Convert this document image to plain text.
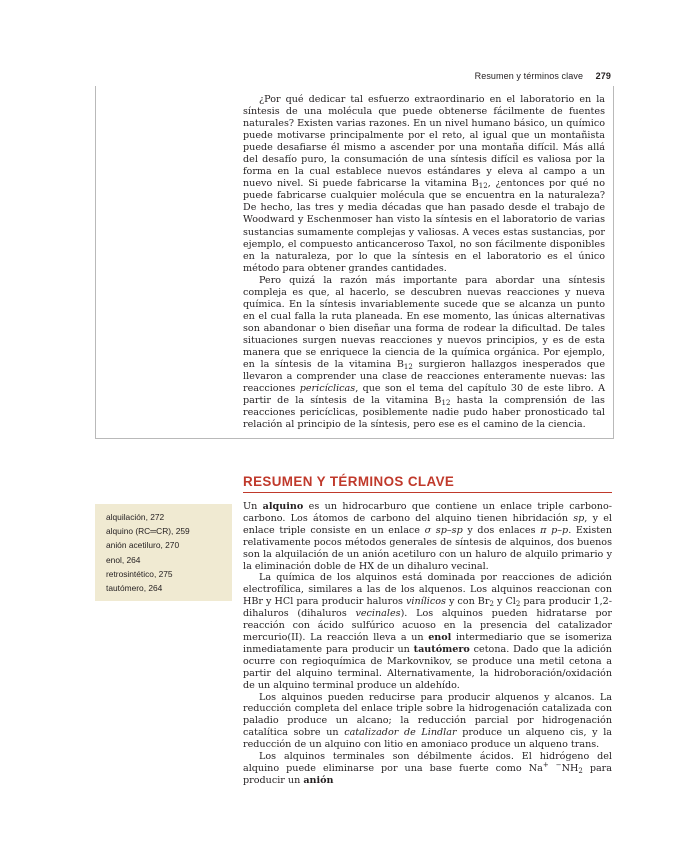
Resumen y términos clave 279

¿Por qué dedicar tal esfuerzo extraordinario en el laboratorio en la síntesis de una molécula que puede obtenerse fácilmente de fuentes naturales? Existen varias razones. En un nivel humano básico, un químico puede motivarse principalmente por el reto, al igual que un montañista puede desafiarse él mismo a ascender por una montaña difícil. Más allá del desafío puro, la consumación de una síntesis difícil es valiosa por la forma en la cual establece nuevos estándares y eleva al campo a un nuevo nivel. Si puede fabricarse la vitamina $B_{12}$, ¿entonces por qué no puede fabricarse cualquier molécula que se encuentra en la naturaleza? De hecho, las tres y media décadas que han pasado desde el trabajo de Woodward y Eschenmoser han visto la síntesis en el laboratorio de varias sustancias sumamente complejas y valiosas. A veces estas sustancias, por ejemplo, el compuesto anticanceroso Taxol, no son fácilmente disponibles en la naturaleza, por lo que la síntesis en el laboratorio es el único método para obtener grandes cantidades.

Pero quizá la razón más importante para abordar una síntesis compleja es que, al hacerlo, se descubren nuevas reacciones y nueva química. En la síntesis invariablemente sucede que se alcanza un punto en el cual falla la ruta planeada. En ese momento, las únicas alternativas son abandonar o bien diseñar una forma de rodear la dificultad. De tales situaciones surgen nuevas reacciones y nuevos principios, y es de esta manera que se enriquece la ciencia de la química orgánica. Por ejemplo, en la síntesis de la vitamina $B_{12}$ surgieron hallazgos inesperados que llevaron a comprender una clase de reacciones enteramente nuevas: las reacciones pericíclicas, que son el tema del capítulo 30 de este libro. A partir de la síntesis de la vitamina $B_{12}$ hasta la comprensión de las reacciones pericíclicas, posiblemente nadie pudo haber pronosticado tal relación al principio de la síntesis, pero ese es el camino de la ciencia.

RESUMEN Y TÉRMINOS CLAVE
alquilación, 272
alquino (RC═CR), 259
anión acetiluro, 270
enol, 264
retrosintético, 275
tautómero, 264

Un alquino es un hidrocarburo que contiene un enlace triple carbono-carbono. Los átomos de carbono del alquino tienen hibridación sp, y el enlace triple consiste en un enlace σ sp–sp y dos enlaces π p–p. Existen relativamente pocos métodos generales de síntesis de alquinos, dos buenos son la alquilación de un anión acetiluro con un haluro de alquilo primario y la eliminación doble de HX de un dihaluro vecinal.

La química de los alquinos está dominada por reacciones de adición electrofílica, similares a las de los alquenos. Los alquinos reaccionan con HBr y HCl para producir haluros vinílicos y con $Br_2$ y $Cl_2$ para producir 1,2-dihaluros (dihaluros vecinales). Los alquinos pueden hidratarse por reacción con ácido sulfúrico acuoso en la presencia del catalizador mercurio(II). La reacción lleva a un enol intermediario que se isomeriza inmediatamente para producir un tautómero cetona. Dado que la adición ocurre con regioquímica de Markovnikov, se produce una metil cetona a partir del alquino terminal. Alternativamente, la hidroboración/oxidación de un alquino terminal produce un aldehído.

Los alquinos pueden reducirse para producir alquenos y alcanos. La reducción completa del enlace triple sobre la hidrogenación catalizada con paladio produce un alcano; la reducción parcial por hidrogenación catalítica sobre un catalizador de Lindlar produce un alqueno cis, y la reducción de un alquino con litio en amoniaco produce un alqueno trans.

Los alquinos terminales son débilmente ácidos. El hidrógeno del alquino puede eliminarse por una base fuerte como Na+ $^-NH_2$ para producir un anión
